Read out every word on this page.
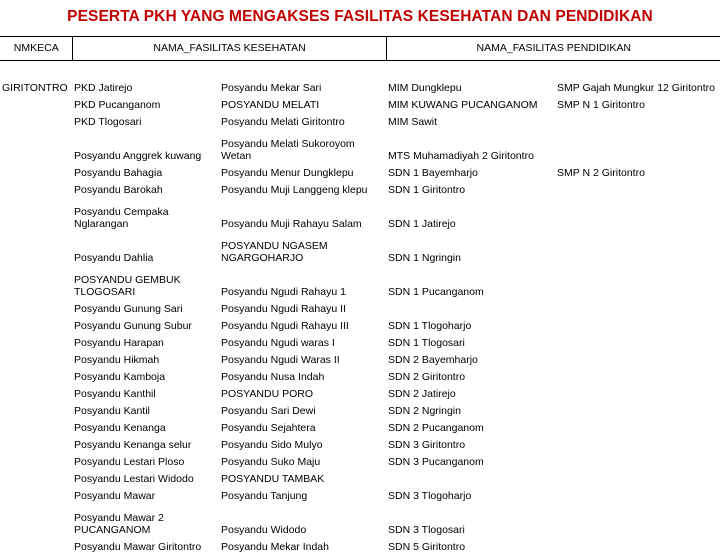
PESERTA PKH YANG MENGAKSES FASILITAS KESEHATAN DAN PENDIDIKAN
NMKECA	NAMA_FASILITAS KESEHATAN		NAMA_FASILITAS PENDIDIKAN	
GIRITONTRO	PKD Jatirejo	Posyandu Mekar Sari	MIM Dungklepu	SMP Gajah Mungkur 12 Giritontro
	PKD Pucanganom	POSYANDU MELATI	MIM KUWANG PUCANGANOM	SMP N 1 Giritontro
	PKD Tlogosari	Posyandu Melati Giritontro	MIM Sawit	
	Posyandu Anggrek kuwang	Posyandu Melati Sukoroyom Wetan	MTS Muhamadiyah 2 Giritontro	
	Posyandu Bahagia	Posyandu Menur Dungklepu	SDN 1 Bayemharjo	SMP N 2 Giritontro
	Posyandu Barokah	Posyandu Muji Langgeng klepu	SDN 1 Giritontro	
	Posyandu Cempaka Nglarangan	Posyandu Muji Rahayu Salam	SDN 1 Jatirejo	
	Posyandu Dahlia	POSYANDU NGASEM NGARGOHARJO	SDN 1 Ngringin	
	POSYANDU GEMBUK TLOGOSARI	Posyandu Ngudi Rahayu 1	SDN 1 Pucanganom	
	Posyandu Gunung Sari	Posyandu Ngudi Rahayu II		
	Posyandu Gunung Subur	Posyandu Ngudi Rahayu III	SDN 1 Tlogoharjo	
	Posyandu Harapan	Posyandu Ngudi waras I	SDN 1 Tlogosari	
	Posyandu Hikmah	Posyandu Ngudi Waras II	SDN 2 Bayemharjo	
	Posyandu Kamboja	Posyandu Nusa Indah	SDN 2 Giritontro	
	Posyandu Kanthil	POSYANDU PORO	SDN 2 Jatirejo	
	Posyandu Kantil	Posyandu Sari Dewi	SDN 2 Ngringin	
	Posyandu Kenanga	Posyandu Sejahtera	SDN 2 Pucanganom	
	Posyandu Kenanga selur	Posyandu Sido Mulyo	SDN 3 Giritontro	
	Posyandu Lestari Ploso	Posyandu Suko Maju	SDN 3 Pucanganom	
	Posyandu Lestari Widodo	POSYANDU TAMBAK		
	Posyandu Mawar	Posyandu Tanjung	SDN 3 Tlogoharjo	
	Posyandu Mawar 2 PUCANGANOM	Posyandu Widodo	SDN 3 Tlogosari	
	Posyandu Mawar Giritontro	Posyandu Mekar Indah	SDN 5 Giritontro	
